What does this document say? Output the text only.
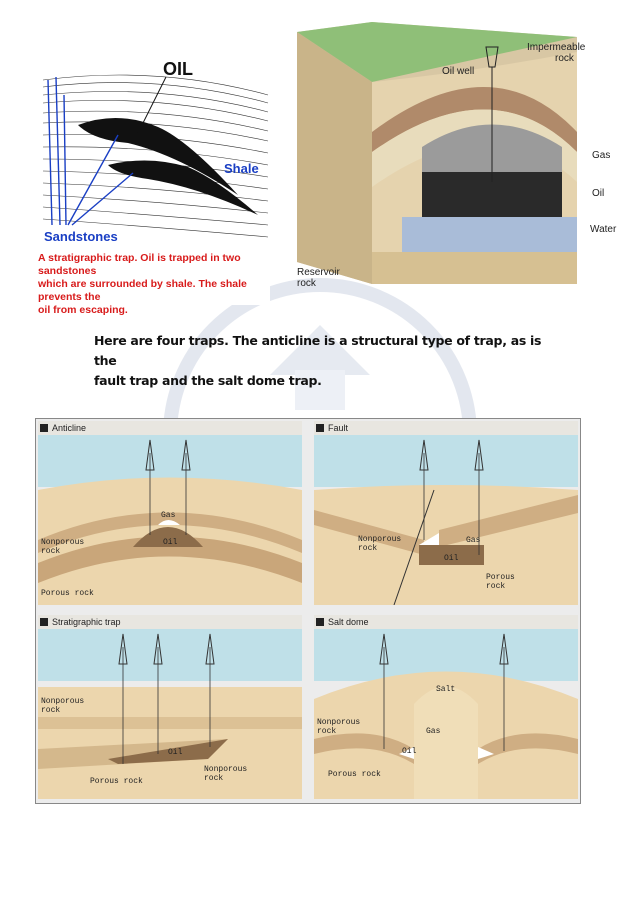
OIL
Shale
Sandstones
A stratigraphic trap. Oil is trapped in two sandstones
which are surrounded by shale. The shale prevents the
oil from escaping.
Impermeable
rock
Oil well
Gas
Oil
Water
Reservoir
rock
Here are four traps. The anticline is a structural type of trap, as is the
fault trap and the salt dome trap.
Anticline
Gas
Oil
Nonporous
rock
Porous rock
Fault
Gas
Oil
Nonporous
rock
Porous
rock
Stratigraphic trap
Oil
Nonporous
rock
Porous rock
Nonporous
rock
Salt dome
Salt
Gas
Oil
Nonporous
rock
Porous rock
